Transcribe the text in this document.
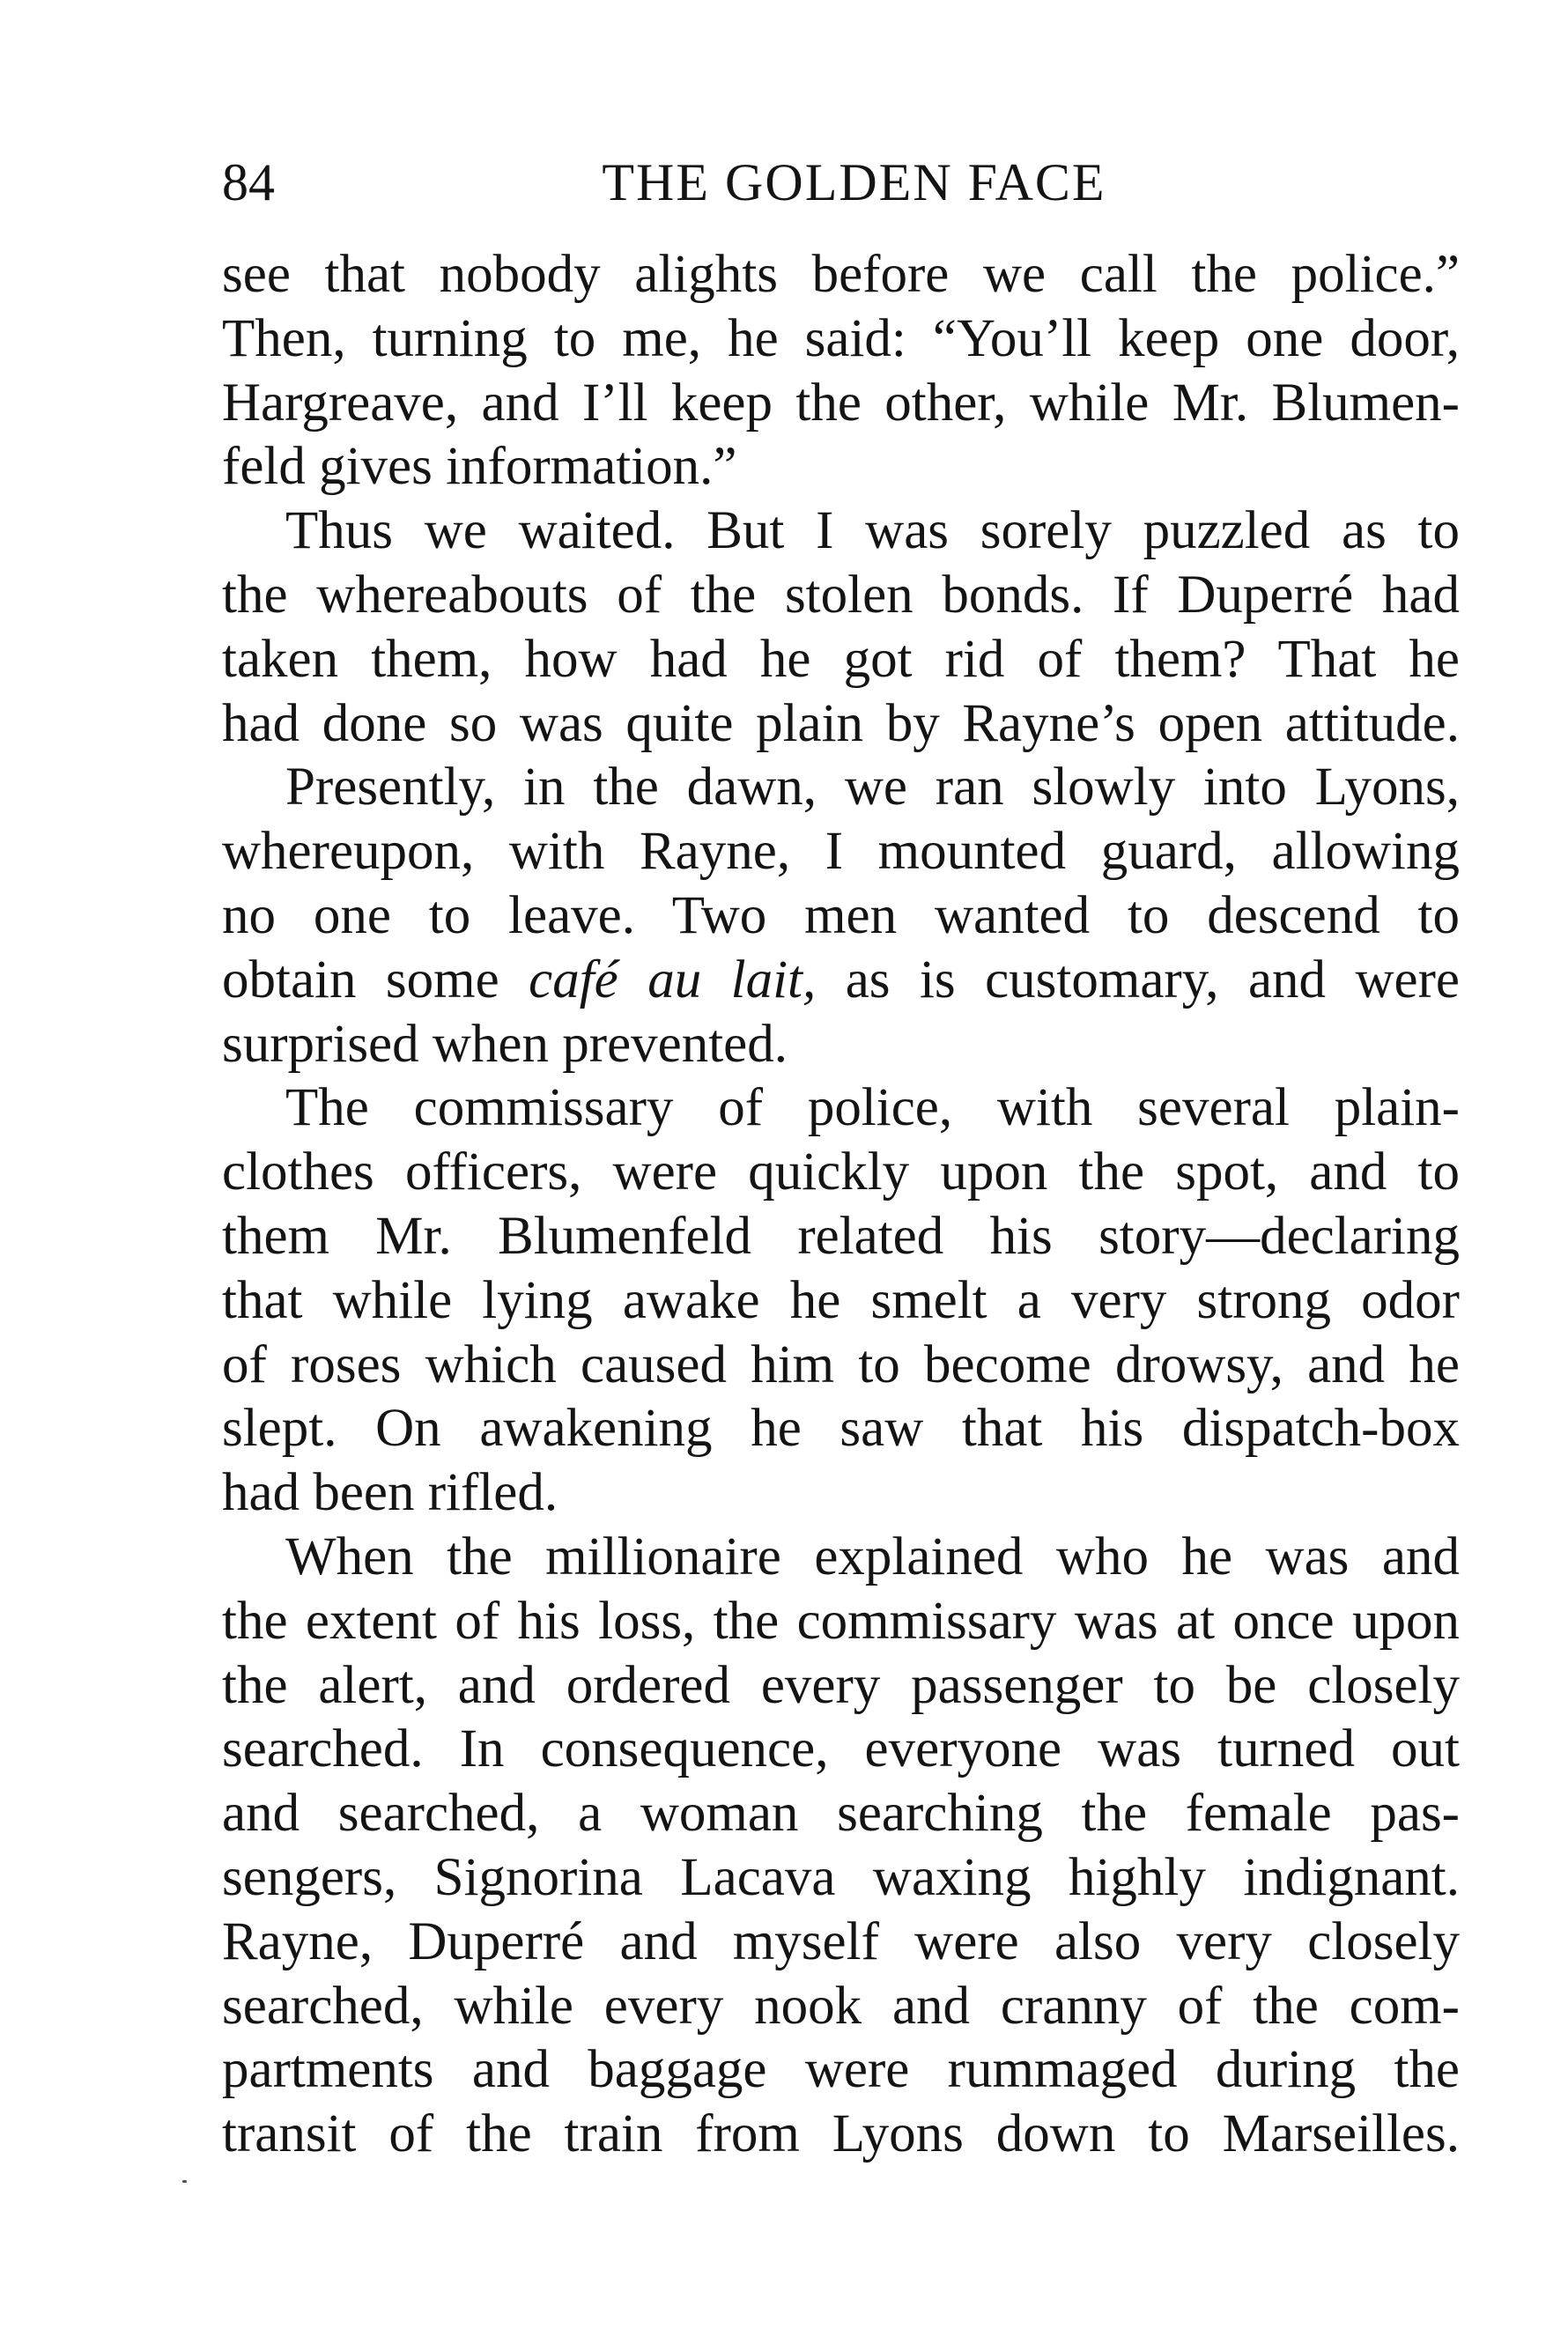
84	THE GOLDEN FACE
see that nobody alights before we call the police.”
Then, turning to me, he said: “You’ll keep one door,
Hargreave, and I’ll keep the other, while Mr. Blumen-
feld gives information.”
Thus we waited. But I was sorely puzzled as to
the whereabouts of the stolen bonds. If Duperré had
taken them, how had he got rid of them? That he
had done so was quite plain by Rayne’s open attitude.
Presently, in the dawn, we ran slowly into Lyons,
whereupon, with Rayne, I mounted guard, allowing
no one to leave. Two men wanted to descend to
obtain some café au lait, as is customary, and were
surprised when prevented.
The commissary of police, with several plain-
clothes officers, were quickly upon the spot, and to
them Mr. Blumenfeld related his story—declaring
that while lying awake he smelt a very strong odor
of roses which caused him to become drowsy, and he
slept. On awakening he saw that his dispatch-box
had been rifled.
When the millionaire explained who he was and
the extent of his loss, the commissary was at once upon
the alert, and ordered every passenger to be closely
searched. In consequence, everyone was turned out
and searched, a woman searching the female pas-
sengers, Signorina Lacava waxing highly indignant.
Rayne, Duperré and myself were also very closely
searched, while every nook and cranny of the com-
partments and baggage were rummaged during the
transit of the train from Lyons down to Marseilles.
